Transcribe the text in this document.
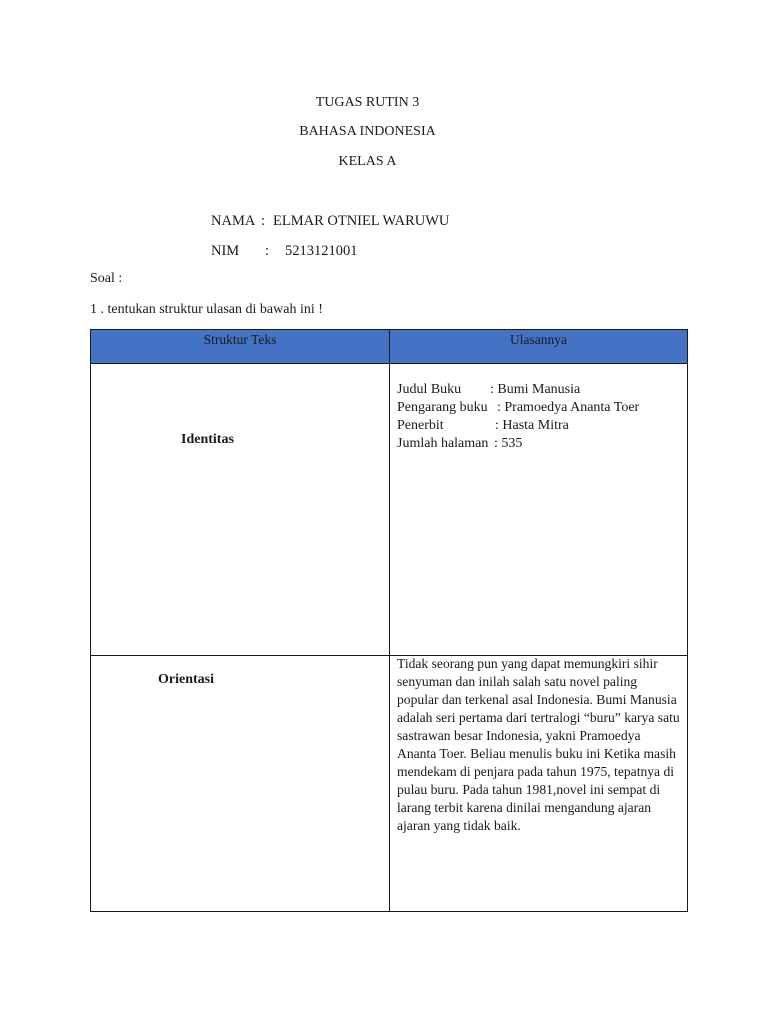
TUGAS RUTIN 3
BAHASA INDONESIA
KELAS A
NAMA : ELMAR OTNIEL WARUWU
NIM : 5213121001
Soal :
1 . tentukan struktur ulasan di bawah ini !
Struktur Teks	Ulasannya
Identitas
Judul Buku : Bumi Manusia
Pengarang buku : Pramoedya Ananta Toer
Penerbit	: Hasta Mitra
Jumlah halaman : 535
Orientasi
Tidak seorang pun yang dapat memungkiri sihir senyuman dan inilah salah satu novel paling popular dan terkenal asal Indonesia. Bumi Manusia adalah seri pertama dari tertralogi “buru” karya satu sastrawan besar Indonesia, yakni Pramoedya Ananta Toer. Beliau menulis buku ini Ketika masih mendekam di penjara pada tahun 1975, tepatnya di pulau buru. Pada tahun 1981,novel ini sempat di larang terbit karena dinilai mengandung ajaran ajaran yang tidak baik.
